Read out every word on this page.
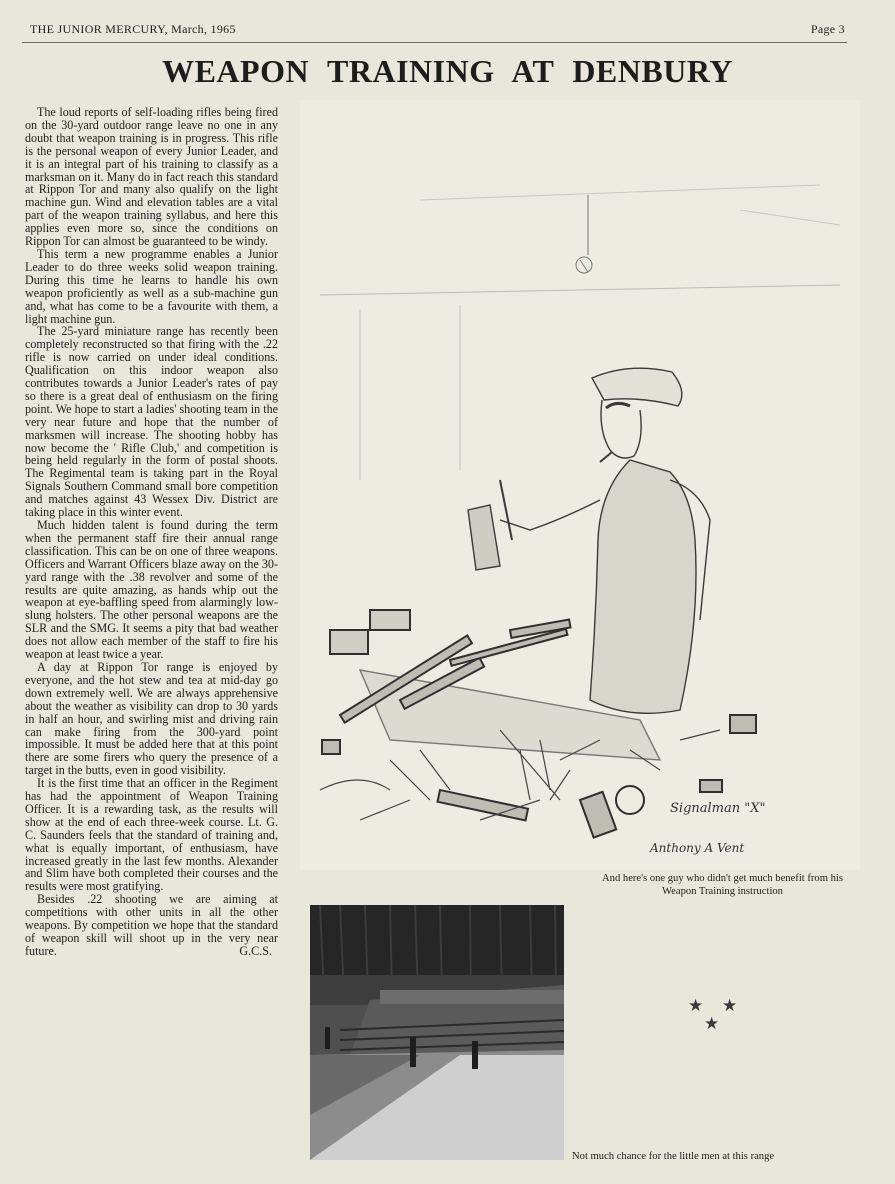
THE JUNIOR MERCURY, March, 1965	Page 3
WEAPON TRAINING AT DENBURY

The loud reports of self-loading rifles being fired on the 30-yard outdoor range leave no one in any doubt that weapon training is in progress. This rifle is the personal weapon of every Junior Leader, and it is an integral part of his training to classify as a marksman on it. Many do in fact reach this standard at Rippon Tor and many also qualify on the light machine gun. Wind and elevation tables are a vital part of the weapon training syllabus, and here this applies even more so, since the conditions on Rippon Tor can almost be guaranteed to be windy.

This term a new programme enables a Junior Leader to do three weeks solid weapon training. During this time he learns to handle his own weapon proficiently as well as a sub-machine gun and, what has come to be a favourite with them, a light machine gun.

The 25-yard miniature range has recently been completely reconstructed so that firing with the .22 rifle is now carried on under ideal conditions. Qualification on this indoor weapon also contributes towards a Junior Leader's rates of pay so there is a great deal of enthusiasm on the firing point. We hope to start a ladies' shooting team in the very near future and hope that the number of marksmen will increase. The shooting hobby has now become the ' Rifle Club,' and competition is being held regularly in the form of postal shoots. The Regimental team is taking part in the Royal Signals Southern Command small bore competition and matches against 43 Wessex Div. District are taking place in this winter event.

Much hidden talent is found during the term when the permanent staff fire their annual range classification. This can be on one of three weapons. Officers and Warrant Officers blaze away on the 30-yard range with the .38 revolver and some of the results are quite amazing, as hands whip out the weapon at eye-baffling speed from alarmingly low-slung holsters. The other personal weapons are the SLR and the SMG. It seems a pity that bad weather does not allow each member of the staff to fire his weapon at least twice a year.

A day at Rippon Tor range is enjoyed by everyone, and the hot stew and tea at mid-day go down extremely well. We are always apprehensive about the weather as visibility can drop to 30 yards in half an hour, and swirling mist and driving rain can make firing from the 300-yard point impossible. It must be added here that at this point there are some firers who query the presence of a target in the butts, even in good visibility.

It is the first time that an officer in the Regiment has had the appointment of Weapon Training Officer. It is a rewarding task, as the results will show at the end of each three-week course. Lt. G. C. Saunders feels that the standard of training and, what is equally important, of enthusiasm, have increased greatly in the last few months. Alexander and Slim have both completed their courses and the results were most gratifying.

Besides .22 shooting we are aiming at competitions with other units in all the other weapons. By competition we hope that the standard of weapon skill will shoot up in the very near future.	G.C.S.

Signalman "X"
Anthony A Vent
And here's one guy who didn't get much benefit from his Weapon Training instruction
★ ★
★
Not much chance for the little men at this range
